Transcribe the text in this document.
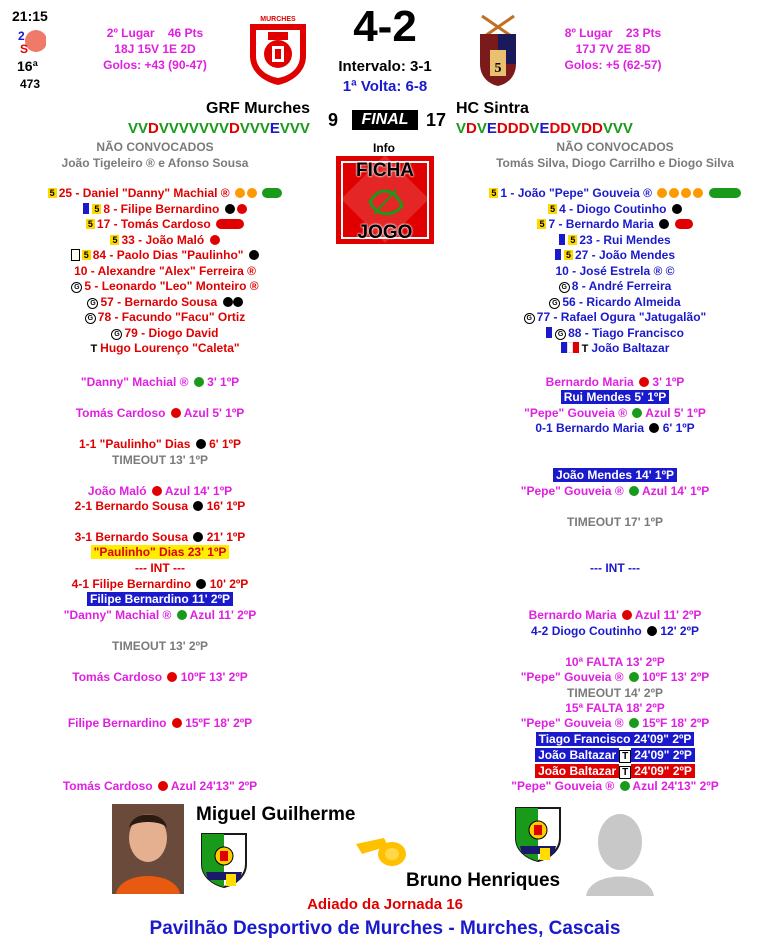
21:15
2
S
16ª
473
2º Lugar 46 Pts
18J 15V 1E 2D
Golos: +43 (90-47)
MURCHES	4-2
Intervalo: 3-1
1ª Volta: 6-8
5
8º Lugar 23 Pts
17J 7V 2E 8D
Golos: +5 (62-57)
GRF Murches	HC Sintra
VVDVVVVVVVDVVVEVVV 9	FINAL 17 VDVEDDDVEDDVDDVVV
NÃO CONVOCADOS
João Tigeleiro ® e Afonso Sousa
NÃO CONVOCADOS
Tomás Silva, Diogo Carrilho e Diogo Silva
Info
FICHA
JOGO
5 25 - Daniel "Danny" Machial ®
5 8 - Filipe Bernardino
5 17 - Tomás Cardoso
5 33 - João Maló
5 84 - Paolo Dias "Paulinho"
10 - Alexandre "Alex" Ferreira ®
G 5 - Leonardo "Leo" Monteiro ®
G 57 - Bernardo Sousa
G 78 - Facundo "Facu" Ortiz
G 79 - Diogo David
T Hugo Lourenço "Caleta"
5 1 - João "Pepe" Gouveia ®
5 4 - Diogo Coutinho
5 7 - Bernardo Maria
5 23 - Rui Mendes
5 27 - João Mendes
10 - José Estrela ® ©
G 8 - André Ferreira
G 56 - Ricardo Almeida
G 77 - Rafael Ogura "Jatugalão"
G 88 - Tiago Francisco
T João Baltazar
"Danny" Machial ® 3' 1ºP
Tomás Cardoso Azul 5' 1ºP
1-1 "Paulinho" Dias 6' 1ºP
TIMEOUT 13' 1ºP
João Maló Azul 14' 1ºP
2-1 Bernardo Sousa 16' 1ºP
3-1 Bernardo Sousa 21' 1ºP
"Paulinho" Dias 23' 1ºP
--- INT ---
4-1 Filipe Bernardino 10' 2ºP
Filipe Bernardino 11' 2ºP
"Danny" Machial ® Azul 11' 2ºP
TIMEOUT 13' 2ºP
Tomás Cardoso 10ºF 13' 2ºP
Filipe Bernardino 15ºF 18' 2ºP
Tomás Cardoso Azul 24'13" 2ºP
Bernardo Maria 3' 1ºP
Rui Mendes 5' 1ºP
"Pepe" Gouveia ® Azul 5' 1ºP
0-1 Bernardo Maria 6' 1ºP
João Mendes 14' 1ºP
"Pepe" Gouveia ® Azul 14' 1ºP
TIMEOUT 17' 1ºP
--- INT ---
Bernardo Maria Azul 11' 2ºP
4-2 Diogo Coutinho 12' 2ºP
10ª FALTA 13' 2ºP
"Pepe" Gouveia ® 10ºF 13' 2ºP
TIMEOUT 14' 2ºP
15ª FALTA 18' 2ºP
"Pepe" Gouveia ® 15ºF 18' 2ºP
Tiago Francisco 24'09" 2ºP
João Baltazar T 24'09" 2ºP
João Baltazar T 24'09" 2ºP
"Pepe" Gouveia ® Azul 24'13" 2ºP
Miguel Guilherme
Bruno Henriques
Adiado da Jornada 16
Pavilhão Desportivo de Murches - Murches, Cascais
